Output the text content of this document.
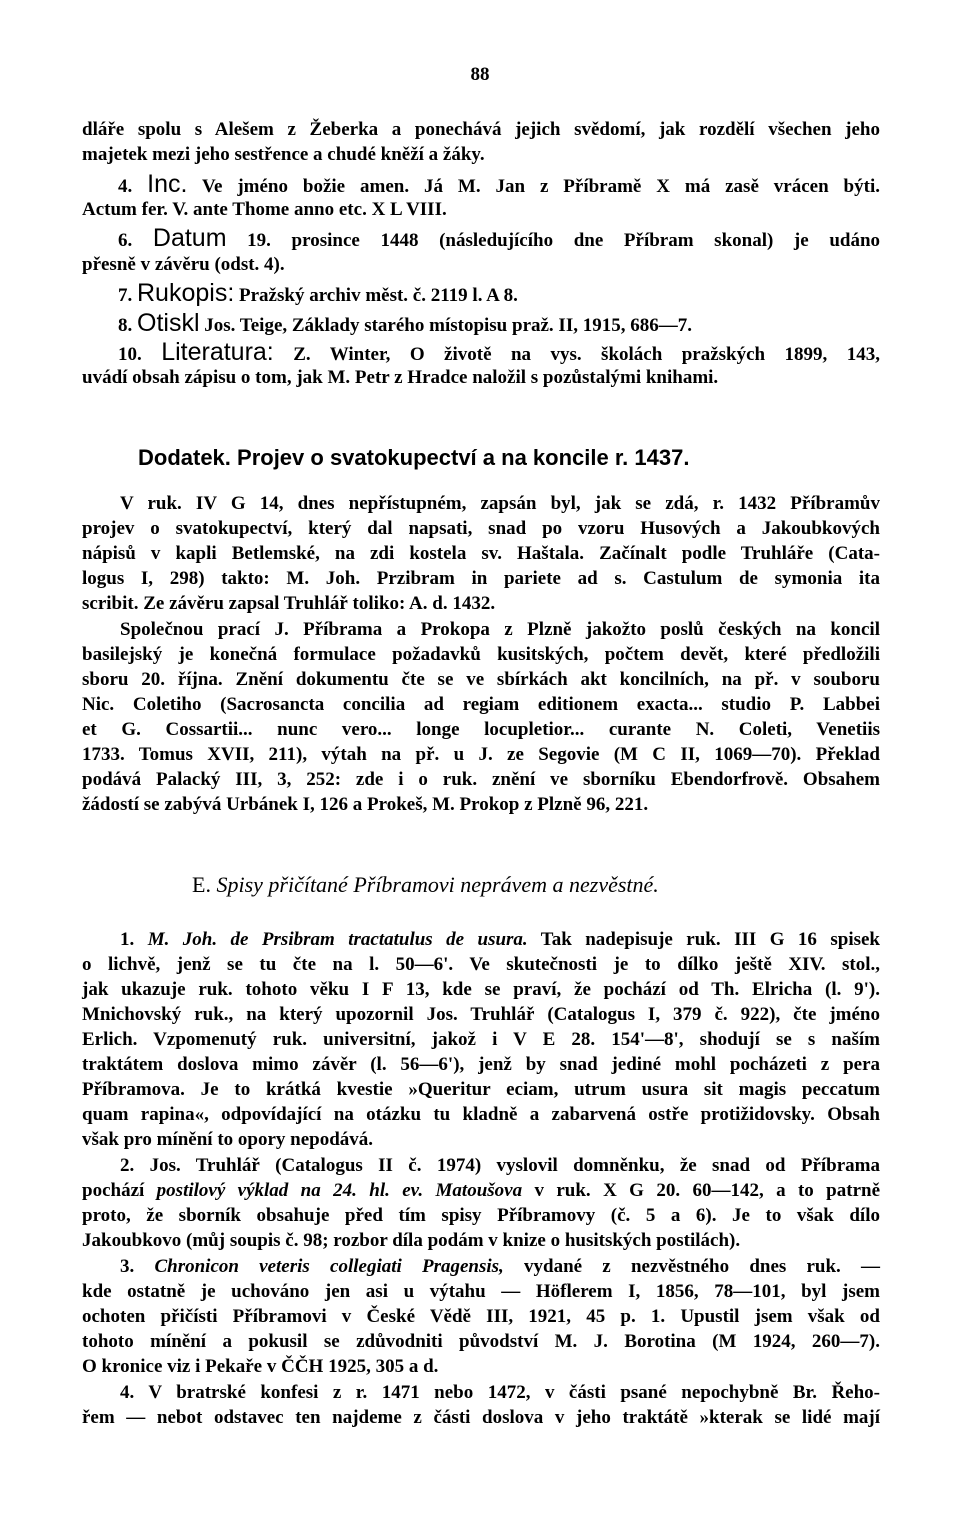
88
dláře spolu s Alešem z Žeberka a ponechává jejich svědomí, jak rozdělí všechen jeho
majetek mezi jeho sestřence a chudé kněží a žáky.
4. Inc. Ve jméno božie amen. Já M. Jan z Příbramě X má zasě vrácen býti.
Actum fer. V. ante Thome anno etc. X L VIII.
6. Datum 19. prosince 1448 (následujícího dne Příbram skonal) je udáno
přesně v závěru (odst. 4).
7. Rukopis: Pražský archiv měst. č. 2119 l. A 8.
8. Otiskl Jos. Teige, Základy starého místopisu praž. II, 1915, 686—7.
10. Literatura: Z. Winter, O životě na vys. školách pražských 1899, 143,
uvádí obsah zápisu o tom, jak M. Petr z Hradce naložil s pozůstalými knihami.
Dodatek. Projev o svatokupectví a na koncile r. 1437.
V ruk. IV G 14, dnes nepřístupném, zapsán byl, jak se zdá, r. 1432 Příbramův
projev o svatokupectví, který dal napsati, snad po vzoru Husových a Jakoubkových
nápisů v kapli Betlemské, na zdi kostela sv. Haštala. Začínalt podle Truhláře (Cata-
logus I, 298) takto: M. Joh. Przibram in pariete ad s. Castulum de symonia ita
scribit. Ze závěru zapsal Truhlář toliko: A. d. 1432.
Společnou prací J. Příbrama a Prokopa z Plzně jakožto poslů českých na koncil
basilejský je konečná formulace požadavků kusitských, počtem devět, které předložili
sboru 20. října. Znění dokumentu čte se ve sbírkách akt koncilních, na př. v souboru
Nic. Coletiho (Sacrosancta concilia ad regiam editionem exacta... studio P. Labbei
et G. Cossartii... nunc vero... longe locupletior... curante N. Coleti, Venetiis
1733. Tomus XVII, 211), výtah na př. u J. ze Segovie (M C II, 1069—70). Překlad
podává Palacký III, 3, 252: zde i o ruk. znění ve sborníku Ebendorfrově. Obsahem
žádostí se zabývá Urbánek I, 126 a Prokeš, M. Prokop z Plzně 96, 221.
E. Spisy přičítané Příbramovi neprávem a nezvěstné.
1. M. Joh. de Prsibram tractatulus de usura. Tak nadepisuje ruk. III G 16 spisek
o lichvě, jenž se tu čte na l. 50—6'. Ve skutečnosti je to dílko ještě XIV. stol.,
jak ukazuje ruk. tohoto věku I F 13, kde se praví, že pochází od Th. Elricha (l. 9').
Mnichovský ruk., na který upozornil Jos. Truhlář (Catalogus I, 379 č. 922), čte jméno
Erlich. Vzpomenutý ruk. universitní, jakož i V E 28. 154'—8', shodují se s naším
traktátem doslova mimo závěr (l. 56—6'), jenž by snad jediné mohl pocházeti z pera
Příbramova. Je to krátká kvestie »Queritur eciam, utrum usura sit magis peccatum
quam rapina«, odpovídající na otázku tu kladně a zabarvená ostře protižidovsky. Obsah
však pro mínění to opory nepodává.
2. Jos. Truhlář (Catalogus II č. 1974) vyslovil domněnku, že snad od Příbrama
pochází postilový výklad na 24. hl. ev. Matoušova v ruk. X G 20. 60—142, a to patrně
proto, že sborník obsahuje před tím spisy Příbramovy (č. 5 a 6). Je to však dílo
Jakoubkovo (můj soupis č. 98; rozbor díla podám v knize o husitských postilách).
3. Chronicon veteris collegiati Pragensis, vydané z nezvěstného dnes ruk. —
kde ostatně je uchováno jen asi u výtahu — Höflerem I, 1856, 78—101, byl jsem
ochoten přičísti Příbramovi v České Vědě III, 1921, 45 p. 1. Upustil jsem však od
tohoto mínění a pokusil se zdůvodniti původství M. J. Borotina (M 1924, 260—7).
O kronice viz i Pekaře v ČČH 1925, 305 a d.
4. V bratrské konfesi z r. 1471 nebo 1472, v části psané nepochybně Br. Řeho-
řem — nebot odstavec ten najdeme z části doslova v jeho traktátě »kterak se lidé mají
